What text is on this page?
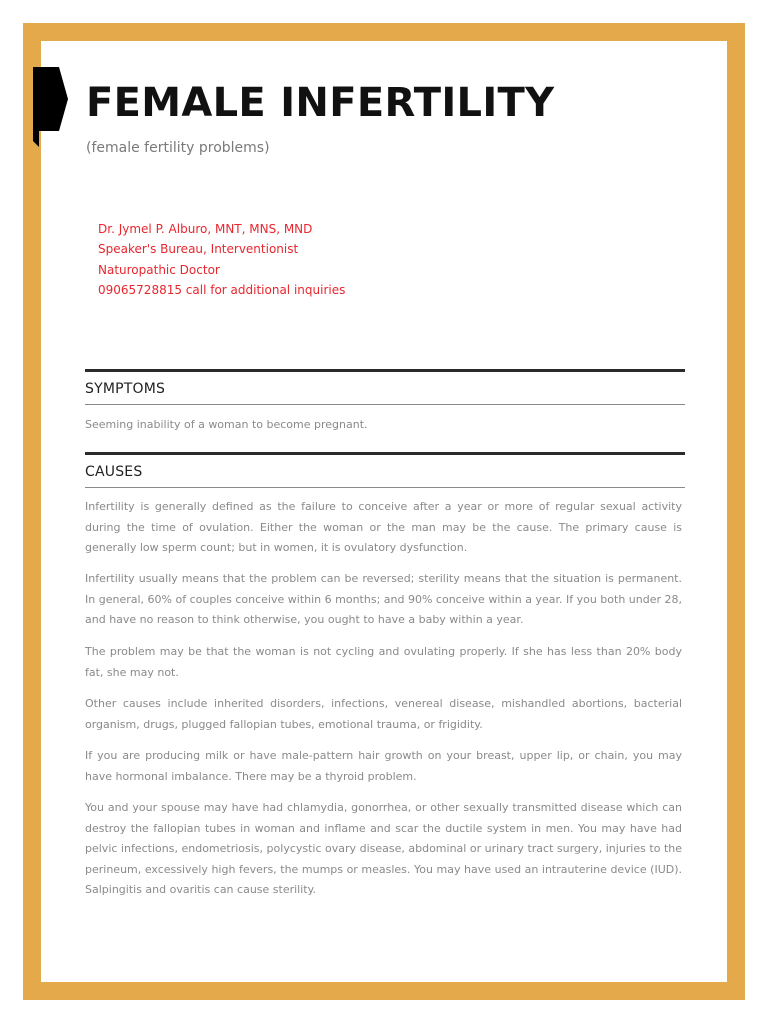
FEMALE INFERTILITY
(female fertility problems)
Dr. Jymel P. Alburo, MNT, MNS, MND
Speaker's Bureau, Interventionist
Naturopathic Doctor
09065728815 call for additional inquiries
SYMPTOMS
Seeming inability of a woman to become pregnant.
CAUSES

Infertility is generally defined as the failure to conceive after a year or more of regular sexual activity during the time of ovulation. Either the woman or the man may be the cause. The primary cause is generally low sperm count; but in women, it is ovulatory dysfunction.

Infertility usually means that the problem can be reversed; sterility means that the situation is permanent. In general, 60% of couples conceive within 6 months; and 90% conceive within a year. If you both under 28, and have no reason to think otherwise, you ought to have a baby within a year.

The problem may be that the woman is not cycling and ovulating properly. If she has less than 20% body fat, she may not.

Other causes include inherited disorders, infections, venereal disease, mishandled abortions, bacterial organism, drugs, plugged fallopian tubes, emotional trauma, or frigidity.

If you are producing milk or have male-pattern hair growth on your breast, upper lip, or chain, you may have hormonal imbalance. There may be a thyroid problem.

You and your spouse may have had chlamydia, gonorrhea, or other sexually transmitted disease which can destroy the fallopian tubes in woman and inflame and scar the ductile system in men. You may have had pelvic infections, endometriosis, polycystic ovary disease, abdominal or urinary tract surgery, injuries to the perineum, excessively high fevers, the mumps or measles. You may have used an intrauterine device (IUD). Salpingitis and ovaritis can cause sterility.
